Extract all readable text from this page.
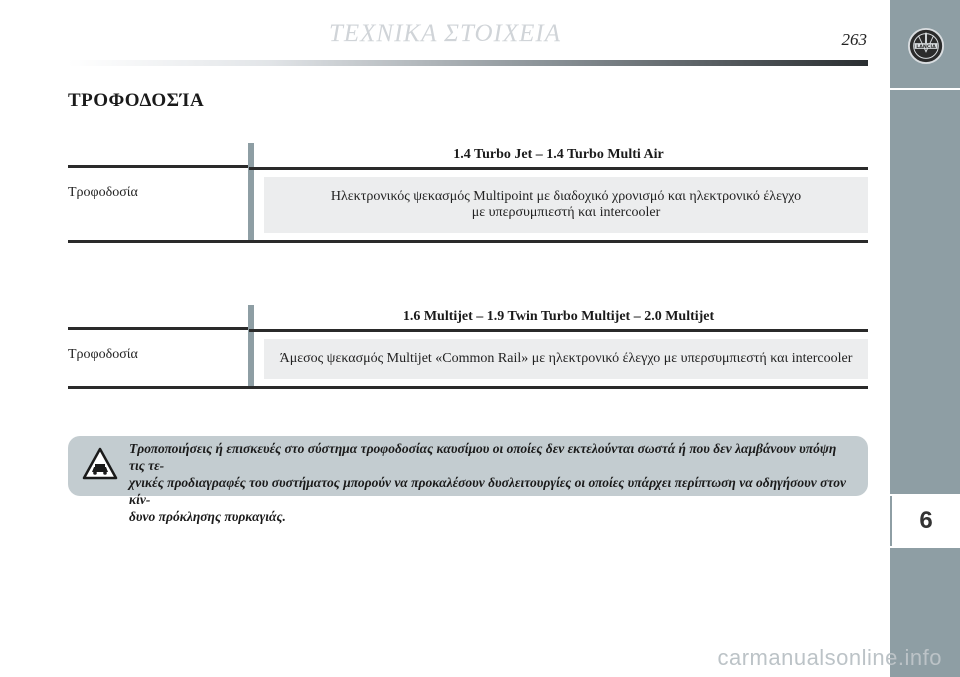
ΤΕΧΝΙΚΑ ΣΤΟΙΧΕΙΑ	263	LANCIA
6
ΤΡΟΦΟΔΟΣΊΑ
1.4 Turbo Jet – 1.4 Turbo Multi Air
Τροφοδοσία	Ηλεκτρονικός ψεκασμός Multipoint με διαδοχικό χρονισμό και ηλεκτρονικό έλεγχο
με υπερσυμπιεστή και intercooler
1.6 Multijet – 1.9 Twin Turbo Multijet – 2.0 Multijet
Τροφοδοσία	Άμεσος ψεκασμός Multijet «Common Rail» με ηλεκτρονικό έλεγχο με υπερσυμπιεστή και intercooler
Τροποποιήσεις ή επισκευές στο σύστημα τροφοδοσίας καυσίμου οι οποίες δεν εκτελούνται σωστά ή που δεν λαμβάνουν υπόψη τις τε-
χνικές προδιαγραφές του συστήματος μπορούν να προκαλέσουν δυσλειτουργίες οι οποίες υπάρχει περίπτωση να οδηγήσουν στον κίν-
δυνο πρόκλησης πυρκαγιάς.
carmanualsonline.info
